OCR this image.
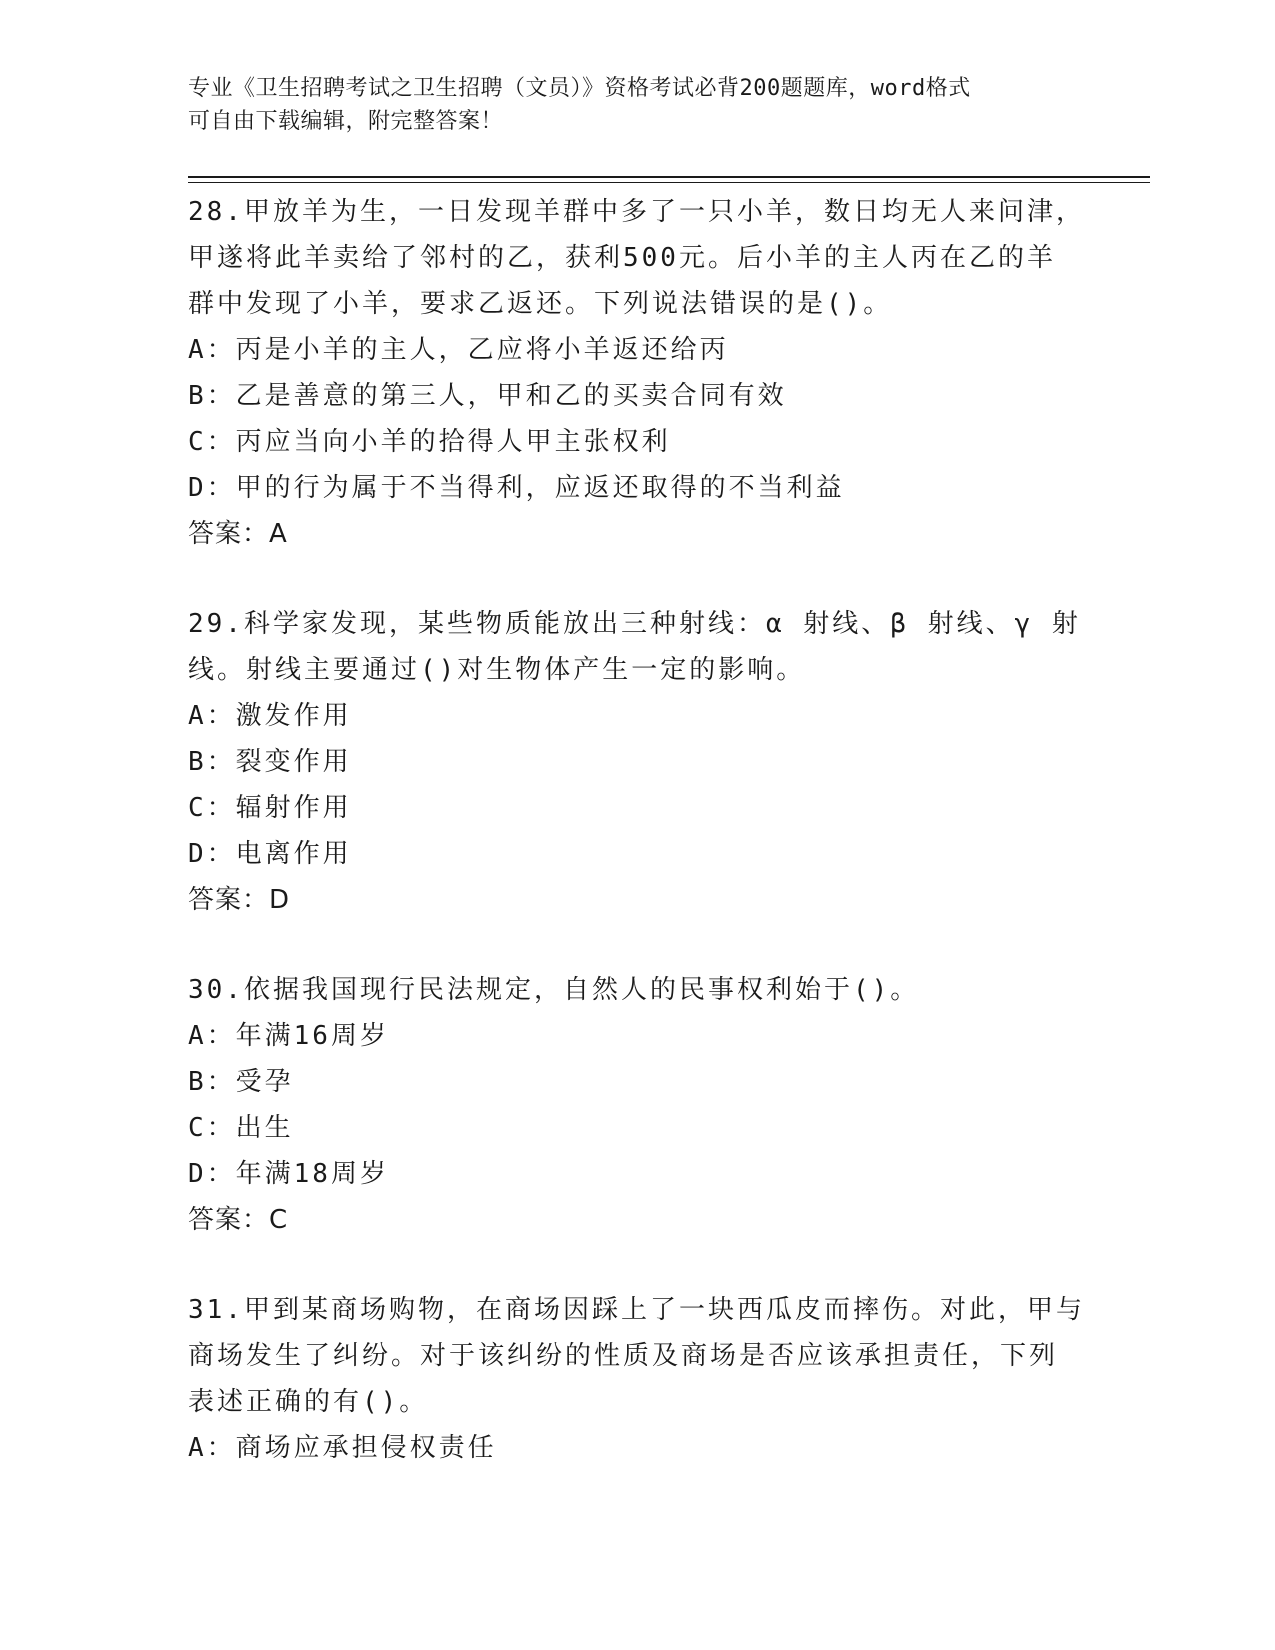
专业《卫生招聘考试之卫生招聘（文员）》资格考试必背200题题库，word格式
可自由下载编辑，附完整答案！
28.甲放羊为生，一日发现羊群中多了一只小羊，数日均无人来问津，
甲遂将此羊卖给了邻村的乙，获利500元。后小羊的主人丙在乙的羊
群中发现了小羊，要求乙返还。下列说法错误的是()。
A：丙是小羊的主人，乙应将小羊返还给丙
B：乙是善意的第三人，甲和乙的买卖合同有效
C：丙应当向小羊的拾得人甲主张权利
D：甲的行为属于不当得利，应返还取得的不当利益
答案：A
29.科学家发现，某些物质能放出三种射线：α 射线、β 射线、γ 射
线。射线主要通过()对生物体产生一定的影响。
A：激发作用
B：裂变作用
C：辐射作用
D：电离作用
答案：D
30.依据我国现行民法规定，自然人的民事权利始于()。
A：年满16周岁
B：受孕
C：出生
D：年满18周岁
答案：C
31.甲到某商场购物，在商场因踩上了一块西瓜皮而摔伤。对此，甲与
商场发生了纠纷。对于该纠纷的性质及商场是否应该承担责任，下列
表述正确的有()。
A：商场应承担侵权责任
